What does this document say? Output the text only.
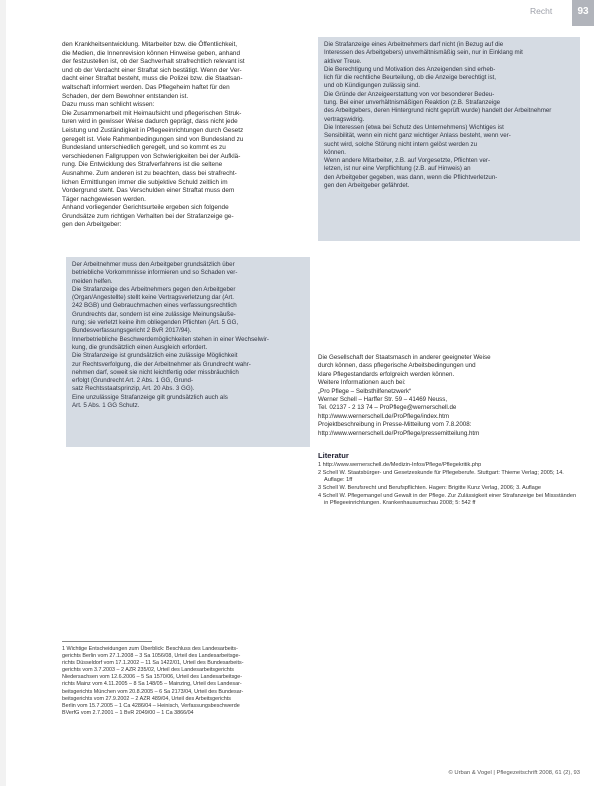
Recht	93

den Krankheitsentwicklung. Mitarbeiter bzw. die Öffentlichkeit,

die Medien, die Innenrevision können Hinweise geben, anhand

der festzustellen ist, ob der Sachverhalt strafrechtlich relevant ist

und ob der Verdacht einer Straftat sich bestätigt. Wenn der Ver-

dacht einer Straftat besteht, muss die Polizei bzw. die Staatsan-

waltschaft informiert werden. Das Pflegeheim haftet für den

Schaden, der dem Bewohner entstanden ist.

Dazu muss man schlicht wissen:

Die Zusammenarbeit mit Heimaufsicht und pflegerischen Struk-

turen wird in gewisser Weise dadurch geprägt, dass nicht jede

Leistung und Zuständigkeit in Pflegeeinrichtungen durch Gesetz

geregelt ist. Viele Rahmenbedingungen sind von Bundesland zu

Bundesland unterschiedlich geregelt, und so kommt es zu

verschiedenen Fallgruppen von Schwierigkeiten bei der Aufklä-

rung. Die Entwicklung des Strafverfahrens ist die seltene

Ausnahme. Zum anderen ist zu beachten, dass bei strafrecht-

lichen Ermittlungen immer die subjektive Schuld zeitlich im

Vordergrund steht. Das Verschulden einer Straftat muss dem

Täger nachgewiesen werden.

Anhand vorliegender Gerichtsurteile ergeben sich folgende

Grundsätze zum richtigen Verhalten bei der Strafanzeige ge-

gen den Arbeitgeber:

Der Arbeitnehmer muss den Arbeitgeber grundsätzlich über

betriebliche Vorkommnisse informieren und so Schaden ver-

meiden helfen.

Die Strafanzeige des Arbeitnehmers gegen den Arbeitgeber

(Organ/Angestellte) stellt keine Vertragsverletzung dar (Art.

242 BGB) und Gebrauchmachen eines verfassungsrechtlich

Grundrechts dar, sondern ist eine zulässige Meinungsäuße-

rung; sie verletzt keine ihm obliegenden Pflichten (Art. 5 GG,

Bundesverfassungsgericht 2 BvR 2017/94).

Innerbetriebliche Beschwerdemöglichkeiten stehen in einer Wechselwir-

kung, die grundsätzlich einen Ausgleich erfordert.

Die Strafanzeige ist grundsätzlich eine zulässige Möglichkeit

zur Rechtsverfolgung, die der Arbeitnehmer als Grundrecht wahr-

nehmen darf, soweit sie nicht leichtfertig oder missbräuchlich

erfolgt (Grundrecht Art. 2 Abs. 1 GG, Grund-

satz Rechtsstaatsprinzip, Art. 20 Abs. 3 GG).

Eine unzulässige Strafanzeige gilt grundsätzlich auch als

Art. 5 Abs. 1 GG Schutz.

Die Strafanzeige eines Arbeitnehmers darf nicht (in Bezug auf die

Interessen des Arbeitgebers) unverhältnismäßig sein, nur in Einklang mit

aktiver Treue.

Die Berechtigung und Motivation des Anzeigenden sind erheb-

lich für die rechtliche Beurteilung, ob die Anzeige berechtigt ist,

und ob Kündigungen zulässig sind.

Die Gründe der Anzeigeerstattung von vor besonderer Bedeu-

tung. Bei einer unverhältnismäßigen Reaktion (z.B. Strafanzeige

des Arbeitgebers, deren Hintergrund nicht geprüft wurde) handelt der Arbeitnehmer

vertragswidrig.

Die Interessen (etwa bei Schutz des Unternehmens) Wichtiges ist

Sensibilität, wenn ein nicht ganz wichtiger Anlass besteht, wenn ver-

sucht wird, solche Störung nicht intern gelöst werden zu

können.

Wenn andere Mitarbeiter, z.B. auf Vorgesetzte, Pflichten ver-

letzen, ist nur eine Verpflichtung (z.B. auf Hinweis) an

den Arbeitgeber gegeben, was dann, wenn die Pflichtverletzun-

gen den Arbeitgeber gefährdet.

Die Gesellschaft der Staatsmasch in anderer geeigneter Weise

durch können, dass pflegerische Arbeitsbedingungen und

klare Pflegestandards erfolgreich werden können.

Weitere Informationen auch bei:

„Pro Pflege – Selbsthilfenetzwerk“

Werner Schell – Harffer Str. 59 – 41469 Neuss,

Tel. 02137 - 2 13 74 – ProPflege@wernerschell.de

http://www.wernerschell.de/ProPflege/index.htm

Projektbeschreibung in Presse-Mitteilung vom 7.8.2008:

http://www.wernerschell.de/ProPflege/pressemitteilung.htm

Literatur
1 http://www.wernerschell.de/Medizin-Infos/Pflege/Pflegekritik.php
2 Schell W. Staatsbürger- und Gesetzeskunde für Pflegeberufe. Stuttgart: Thieme Verlag; 2005; 14. Auflage: 1ff
3 Schell W. Berufsrecht und Berufspflichten. Hagen: Brigitte Kunz Verlag, 2006; 3. Auflage
4 Schell W. Pflegemangel und Gewalt in der Pflege. Zur Zulässigkeit einer Strafanzeige bei Missständen in Pflegeeinrichtungen. Krankenhausumschau 2008; 5: 542 ff

1 Wichtige Entscheidungen zum Überblick: Beschluss des Landesarbeits-

gerichts Berlin vom 27.1.2008 – 3 Sa 1056/08, Urteil des Landesarbeitsge-

richts Düsseldorf vom 17.1.2002 – 11 Sa 1422/01, Urteil des Bundesarbeits-

gerichts vom 3.7.2003 – 2 AZR 235/02, Urteil des Landesarbeitsgerichts

Niedersachsen vom 12.6.2006 – 5 Sa 1570/06, Urteil des Landesarbeitsge-

richts Mainz vom 4.11.2005 – 8 Sa 148/05 – Mainzing, Urteil des Landesar-

beitsgerichts München vom 20.8.2005 – 6 Sa 2173/04, Urteil des Bundesar-

beitsgerichts vom 27.9.2002 – 2 AZR 489/04, Urteil des Arbeitsgerichts

Berlin vom 15.7.2005 – 1 Ca 4286/04 – Heinisch, Verfassungsbeschwerde

BVerfG vom 2.7.2001 – 1 BvR 2049/00 – 1 Ca 3866/04

© Urban & Vogel | Pflegezeitschrift 2008, 61 (2), 93
